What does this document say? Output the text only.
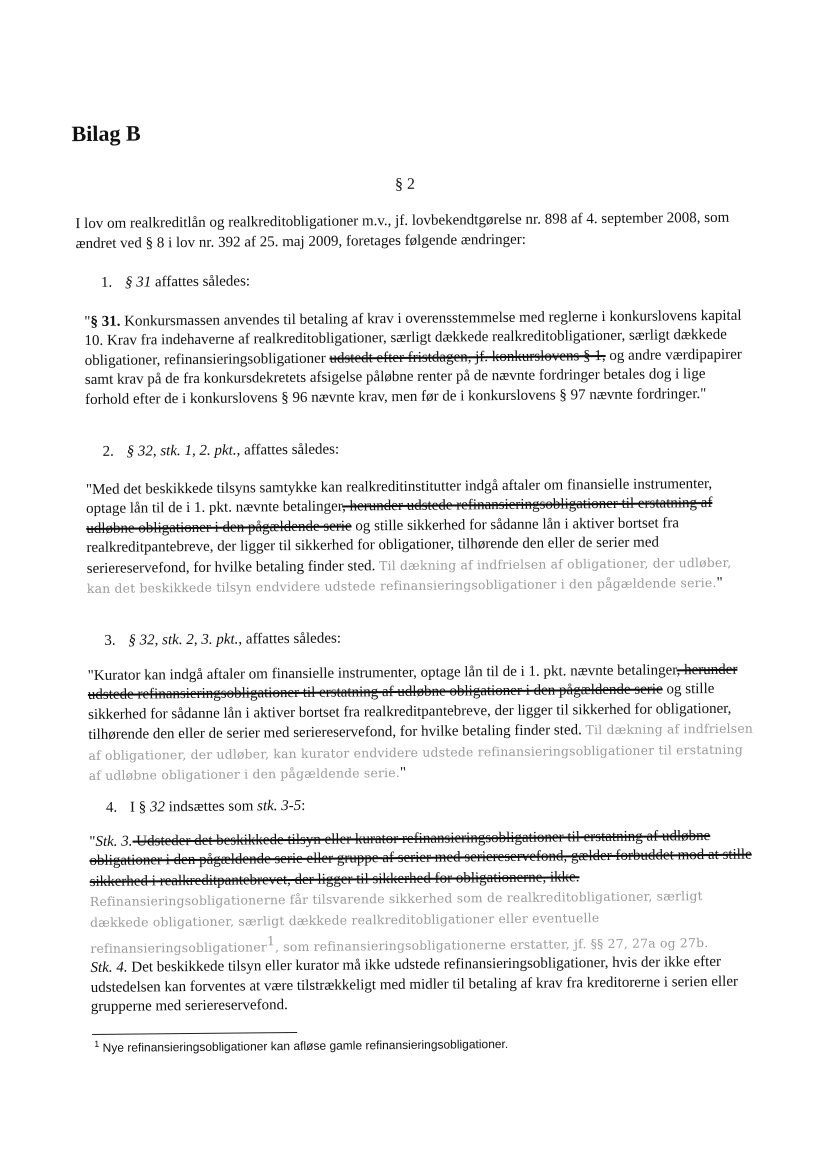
Bilag B
§ 2
I lov om realkreditlån og realkreditobligationer m.v., jf. lovbekendtgørelse nr. 898 af 4. september 2008, som ændret ved § 8 i lov nr. 392 af 25. maj 2009, foretages følgende ændringer:
1. § 31 affattes således:
"§ 31. Konkursmassen anvendes til betaling af krav i overensstemmelse med reglerne i konkurslovens kapital 10. Krav fra indehaverne af realkreditobligationer, særligt dækkede realkreditobligationer, særligt dækkede obligationer, refinansieringsobligationer udstedt efter fristdagen, jf. konkurslovens § 1, og andre værdipapirer samt krav på de fra konkursdekretets afsigelse påløbne renter på de nævnte fordringer betales dog i lige forhold efter de i konkurslovens § 96 nævnte krav, men før de i konkurslovens § 97 nævnte fordringer."
2. § 32, stk. 1, 2. pkt., affattes således:
"Med det beskikkede tilsyns samtykke kan realkreditinstitutter indgå aftaler om finansielle instrumenter, optage lån til de i 1. pkt. nævnte betalinger, herunder udstede refinansieringsobligationer til erstatning af udløbne obligationer i den pågældende serie og stille sikkerhed for sådanne lån i aktiver bortset fra realkreditpantebreve, der ligger til sikkerhed for obligationer, tilhørende den eller de serier med seriereservefond, for hvilke betaling finder sted. Til dækning af indfrielsen af obligationer, der udløber, kan det beskikkede tilsyn endvidere udstede refinansieringsobligationer i den pågældende serie."
3. § 32, stk. 2, 3. pkt., affattes således:
"Kurator kan indgå aftaler om finansielle instrumenter, optage lån til de i 1. pkt. nævnte betalinger, herunder udstede refinansieringsobligationer til erstatning af udløbne obligationer i den pågældende serie og stille sikkerhed for sådanne lån i aktiver bortset fra realkreditpantebreve, der ligger til sikkerhed for obligationer, tilhørende den eller de serier med seriereservefond, for hvilke betaling finder sted. Til dækning af indfrielsen af obligationer, der udløber, kan kurator endvidere udstede refinansieringsobligationer til erstatning af udløbne obligationer i den pågældende serie."
4. I § 32 indsættes som stk. 3-5:
"Stk. 3. Udsteder det beskikkede tilsyn eller kurator refinansieringsobligationer til erstatning af udløbne obligationer i den pågældende serie eller gruppe af serier med seriereservefond, gælder forbuddet mod at stille sikkerhed i realkreditpantebrevet, der ligger til sikkerhed for obligationerne, ikke. Refinansieringsobligationerne får tilsvarende sikkerhed som de realkreditobligationer, særligt dækkede obligationer, særligt dækkede realkreditobligationer eller eventuelle refinansieringsobligationer$^1$, som refinansieringsobligationerne erstatter, jf. §§ 27, 27a og 27b.
Stk. 4. Det beskikkede tilsyn eller kurator må ikke udstede refinansieringsobligationer, hvis der ikke efter udstedelsen kan forventes at være tilstrækkeligt med midler til betaling af krav fra kreditorerne i serien eller grupperne med seriereservefond.
$^1$ Nye refinansieringsobligationer kan afløse gamle refinansieringsobligationer.
